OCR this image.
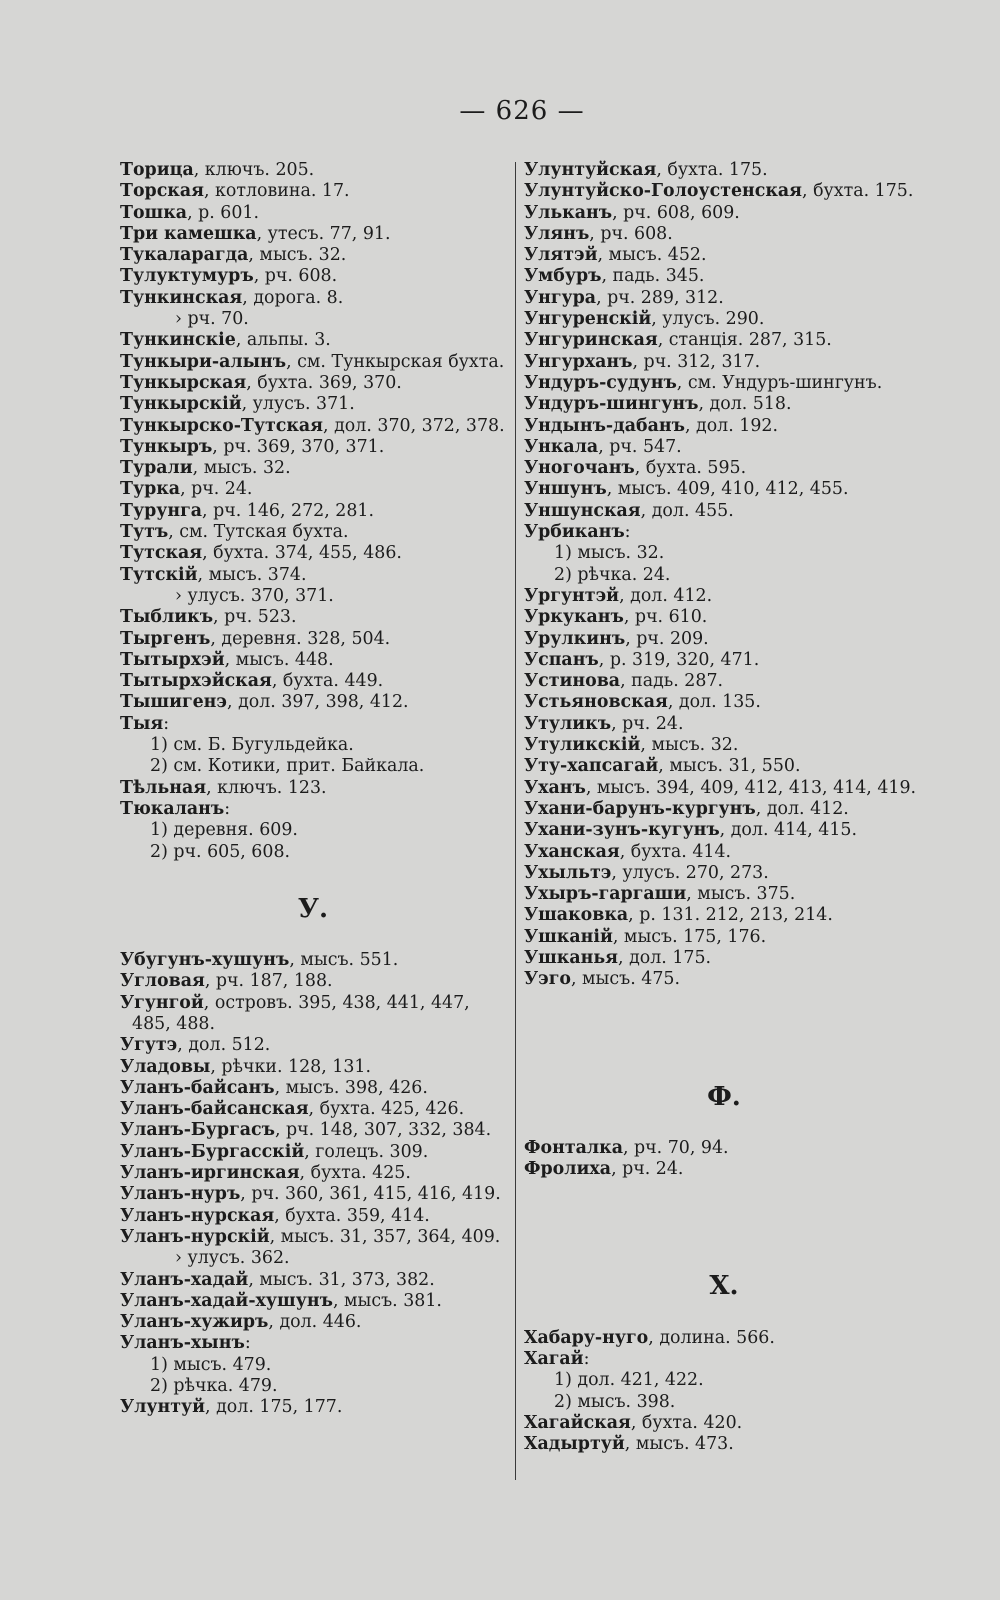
— 626 —
Торица, ключъ. 205.
Торская, котловина. 17.
Тошка, р. 601.
Три камешка, утесъ. 77, 91.
Тукаларагда, мысъ. 32.
Тулуктумуръ, рч. 608.
Тункинская, дорога. 8.
› рч. 70.
Тункинскіе, альпы. 3.
Тункыри-алынъ, см. Тункырская бухта.
Тункырская, бухта. 369, 370.
Тункырскій, улусъ. 371.
Тункырско-Тутская, дол. 370, 372, 378.
Тункыръ, рч. 369, 370, 371.
Турали, мысъ. 32.
Турка, рч. 24.
Турунга, рч. 146, 272, 281.
Тутъ, см. Тутская бухта.
Тутская, бухта. 374, 455, 486.
Тутскій, мысъ. 374.
› улусъ. 370, 371.
Тыбликъ, рч. 523.
Тыргенъ, деревня. 328, 504.
Тытырхэй, мысъ. 448.
Тытырхэйская, бухта. 449.
Тышигенэ, дол. 397, 398, 412.
Тыя:
1) см. Б. Бугульдейка.
2) см. Котики, прит. Байкала.
Тѣльная, ключъ. 123.
Тюкаланъ:
1) деревня. 609.
2) рч. 605, 608.
У.
Убугунъ-хушунъ, мысъ. 551.
Угловая, рч. 187, 188.
Угунгой, островъ. 395, 438, 441, 447, 485, 488.
Угутэ, дол. 512.
Уладовы, рѣчки. 128, 131.
Уланъ-байсанъ, мысъ. 398, 426.
Уланъ-байсанская, бухта. 425, 426.
Уланъ-Бургасъ, рч. 148, 307, 332, 384.
Уланъ-Бургасскій, голецъ. 309.
Уланъ-иргинская, бухта. 425.
Уланъ-нуръ, рч. 360, 361, 415, 416, 419.
Уланъ-нурская, бухта. 359, 414.
Уланъ-нурскій, мысъ. 31, 357, 364, 409.
› улусъ. 362.
Уланъ-хадай, мысъ. 31, 373, 382.
Уланъ-хадай-хушунъ, мысъ. 381.
Уланъ-хужиръ, дол. 446.
Уланъ-хынъ:
1) мысъ. 479.
2) рѣчка. 479.
Улунтуй, дол. 175, 177.
Улунтуйская, бухта. 175.
Улунтуйско-Голоустенская, бухта. 175.
Ульканъ, рч. 608, 609.
Улянъ, рч. 608.
Улятэй, мысъ. 452.
Умбуръ, падь. 345.
Унгура, рч. 289, 312.
Унгуренскій, улусъ. 290.
Унгуринская, станція. 287, 315.
Унгурханъ, рч. 312, 317.
Ундуръ-судунъ, см. Ундуръ-шингунъ.
Ундуръ-шингунъ, дол. 518.
Ундынъ-дабанъ, дол. 192.
Ункала, рч. 547.
Уногочанъ, бухта. 595.
Уншунъ, мысъ. 409, 410, 412, 455.
Уншунская, дол. 455.
Урбиканъ:
1) мысъ. 32.
2) рѣчка. 24.
Ургунтэй, дол. 412.
Уркуканъ, рч. 610.
Урулкинъ, рч. 209.
Успанъ, р. 319, 320, 471.
Устинова, падь. 287.
Устьяновская, дол. 135.
Утуликъ, рч. 24.
Утуликскій, мысъ. 32.
Уту-хапсагай, мысъ. 31, 550.
Уханъ, мысъ. 394, 409, 412, 413, 414, 419.
Ухани-барунъ-кургунъ, дол. 412.
Ухани-зунъ-кугунъ, дол. 414, 415.
Уханская, бухта. 414.
Ухыльтэ, улусъ. 270, 273.
Ухыръ-гаргаши, мысъ. 375.
Ушаковка, р. 131. 212, 213, 214.
Ушканій, мысъ. 175, 176.
Ушканья, дол. 175.
Уэго, мысъ. 475.
Ф.
Фонталка, рч. 70, 94.
Фролиха, рч. 24.
Х.
Хабару-нуго, долина. 566.
Хагай:
1) дол. 421, 422.
2) мысъ. 398.
Хагайская, бухта. 420.
Хадыртуй, мысъ. 473.
